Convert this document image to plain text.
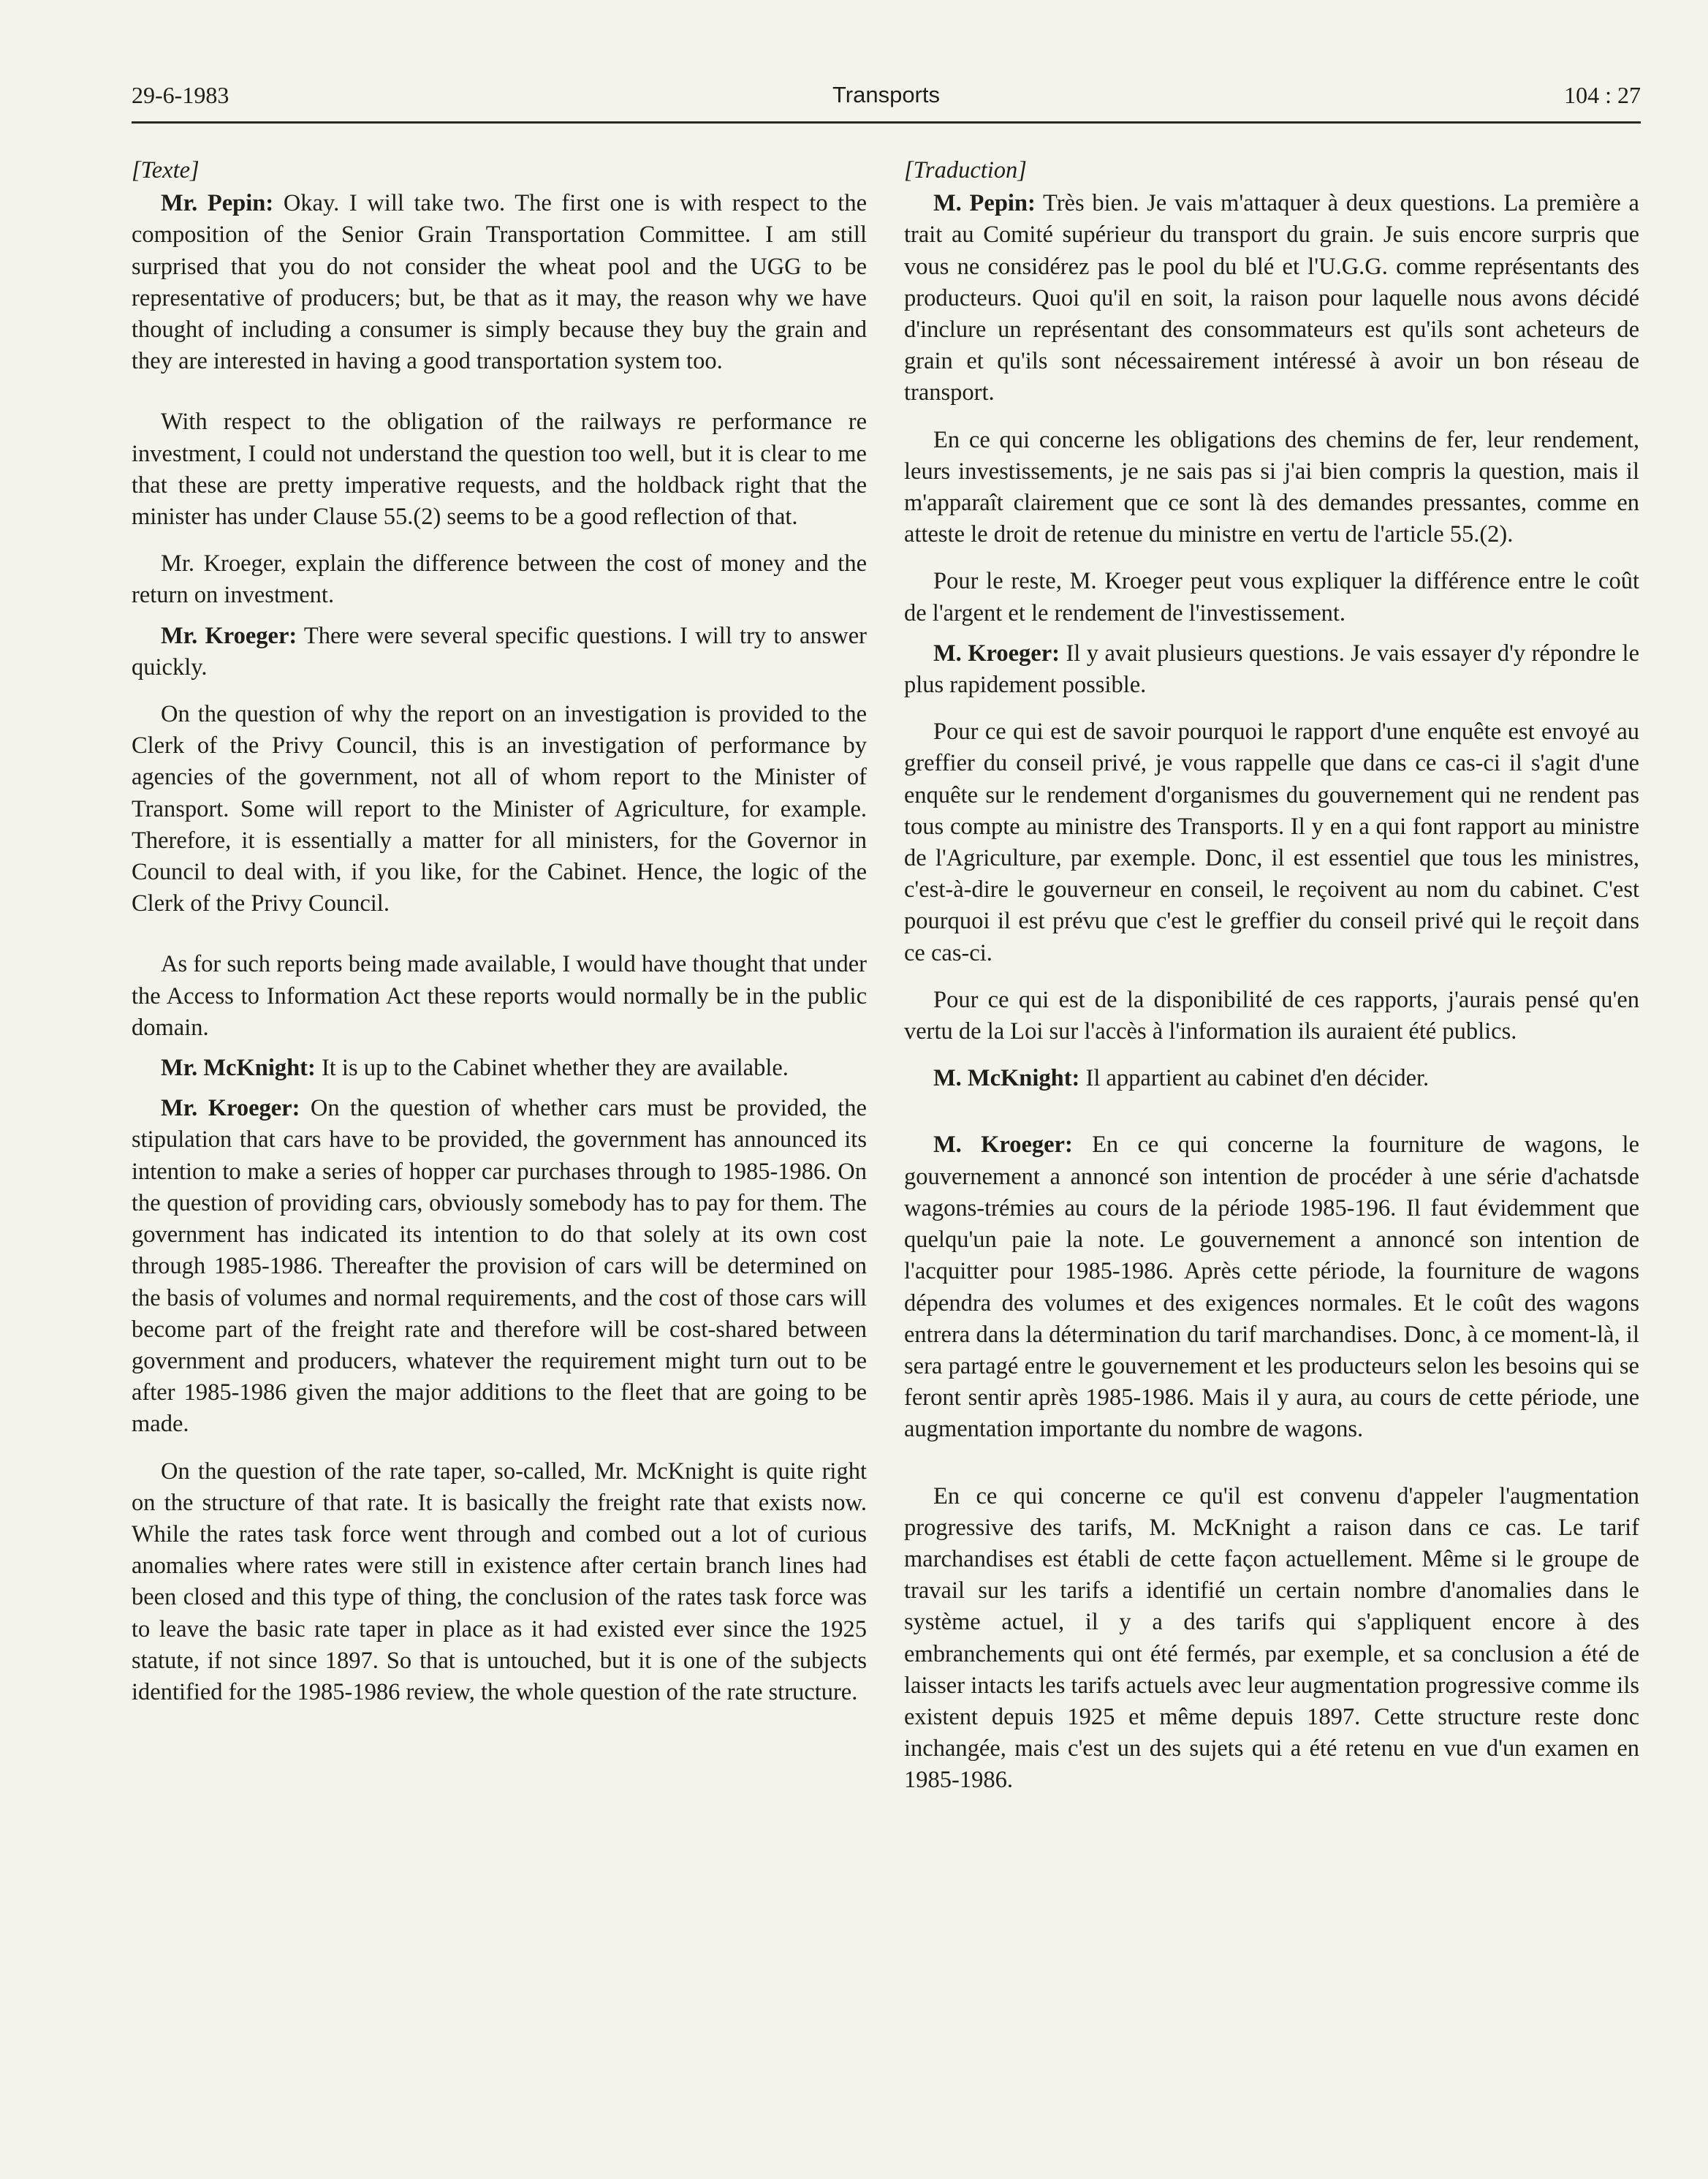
29-6-1983	Transports	104 : 27

[Texte]

Mr. Pepin: Okay. I will take two. The first one is with respect to the composition of the Senior Grain Transportation Committee. I am still surprised that you do not consider the wheat pool and the UGG to be representative of producers; but, be that as it may, the reason why we have thought of including a consumer is simply because they buy the grain and they are interested in having a good transportation system too.

With respect to the obligation of the railways re performance re investment, I could not understand the question too well, but it is clear to me that these are pretty imperative requests, and the holdback right that the minister has under Clause 55.(2) seems to be a good reflection of that.

Mr. Kroeger, explain the difference between the cost of money and the return on investment.

Mr. Kroeger: There were several specific questions. I will try to answer quickly.

On the question of why the report on an investigation is provided to the Clerk of the Privy Council, this is an investigation of performance by agencies of the government, not all of whom report to the Minister of Transport. Some will report to the Minister of Agriculture, for example. Therefore, it is essentially a matter for all ministers, for the Governor in Council to deal with, if you like, for the Cabinet. Hence, the logic of the Clerk of the Privy Council.

As for such reports being made available, I would have thought that under the Access to Information Act these reports would normally be in the public domain.

Mr. McKnight: It is up to the Cabinet whether they are available.

Mr. Kroeger: On the question of whether cars must be provided, the stipulation that cars have to be provided, the government has announced its intention to make a series of hopper car purchases through to 1985-1986. On the question of providing cars, obviously somebody has to pay for them. The government has indicated its intention to do that solely at its own cost through 1985-1986. Thereafter the provision of cars will be determined on the basis of volumes and normal requirements, and the cost of those cars will become part of the freight rate and therefore will be cost-shared between government and producers, whatever the requirement might turn out to be after 1985-1986 given the major additions to the fleet that are going to be made.

On the question of the rate taper, so-called, Mr. McKnight is quite right on the structure of that rate. It is basically the freight rate that exists now. While the rates task force went through and combed out a lot of curious anomalies where rates were still in existence after certain branch lines had been closed and this type of thing, the conclusion of the rates task force was to leave the basic rate taper in place as it had existed ever since the 1925 statute, if not since 1897. So that is untouched, but it is one of the subjects identified for the 1985-1986 review, the whole question of the rate structure.

[Traduction]

M. Pepin: Très bien. Je vais m'attaquer à deux questions. La première a trait au Comité supérieur du transport du grain. Je suis encore surpris que vous ne considérez pas le pool du blé et l'U.G.G. comme représentants des producteurs. Quoi qu'il en soit, la raison pour laquelle nous avons décidé d'inclure un représentant des consommateurs est qu'ils sont acheteurs de grain et qu'ils sont nécessairement intéressé à avoir un bon réseau de transport.

En ce qui concerne les obligations des chemins de fer, leur rendement, leurs investissements, je ne sais pas si j'ai bien compris la question, mais il m'apparaît clairement que ce sont là des demandes pressantes, comme en atteste le droit de retenue du ministre en vertu de l'article 55.(2).

Pour le reste, M. Kroeger peut vous expliquer la différence entre le coût de l'argent et le rendement de l'investissement.

M. Kroeger: Il y avait plusieurs questions. Je vais essayer d'y répondre le plus rapidement possible.

Pour ce qui est de savoir pourquoi le rapport d'une enquête est envoyé au greffier du conseil privé, je vous rappelle que dans ce cas-ci il s'agit d'une enquête sur le rendement d'organismes du gouvernement qui ne rendent pas tous compte au ministre des Transports. Il y en a qui font rapport au ministre de l'Agriculture, par exemple. Donc, il est essentiel que tous les ministres, c'est-à-dire le gouverneur en conseil, le reçoivent au nom du cabinet. C'est pourquoi il est prévu que c'est le greffier du conseil privé qui le reçoit dans ce cas-ci.

Pour ce qui est de la disponibilité de ces rapports, j'aurais pensé qu'en vertu de la Loi sur l'accès à l'information ils auraient été publics.

M. McKnight: Il appartient au cabinet d'en décider.

M. Kroeger: En ce qui concerne la fourniture de wagons, le gouvernement a annoncé son intention de procéder à une série d'achatsde wagons-trémies au cours de la période 1985-196. Il faut évidemment que quelqu'un paie la note. Le gouvernement a annoncé son intention de l'acquitter pour 1985-1986. Après cette période, la fourniture de wagons dépendra des volumes et des exigences normales. Et le coût des wagons entrera dans la détermination du tarif marchandises. Donc, à ce moment-là, il sera partagé entre le gouvernement et les producteurs selon les besoins qui se feront sentir après 1985-1986. Mais il y aura, au cours de cette période, une augmentation importante du nombre de wagons.

En ce qui concerne ce qu'il est convenu d'appeler l'augmentation progressive des tarifs, M. McKnight a raison dans ce cas. Le tarif marchandises est établi de cette façon actuellement. Même si le groupe de travail sur les tarifs a identifié un certain nombre d'anomalies dans le système actuel, il y a des tarifs qui s'appliquent encore à des embranchements qui ont été fermés, par exemple, et sa conclusion a été de laisser intacts les tarifs actuels avec leur augmentation progressive comme ils existent depuis 1925 et même depuis 1897. Cette structure reste donc inchangée, mais c'est un des sujets qui a été retenu en vue d'un examen en 1985-1986.
